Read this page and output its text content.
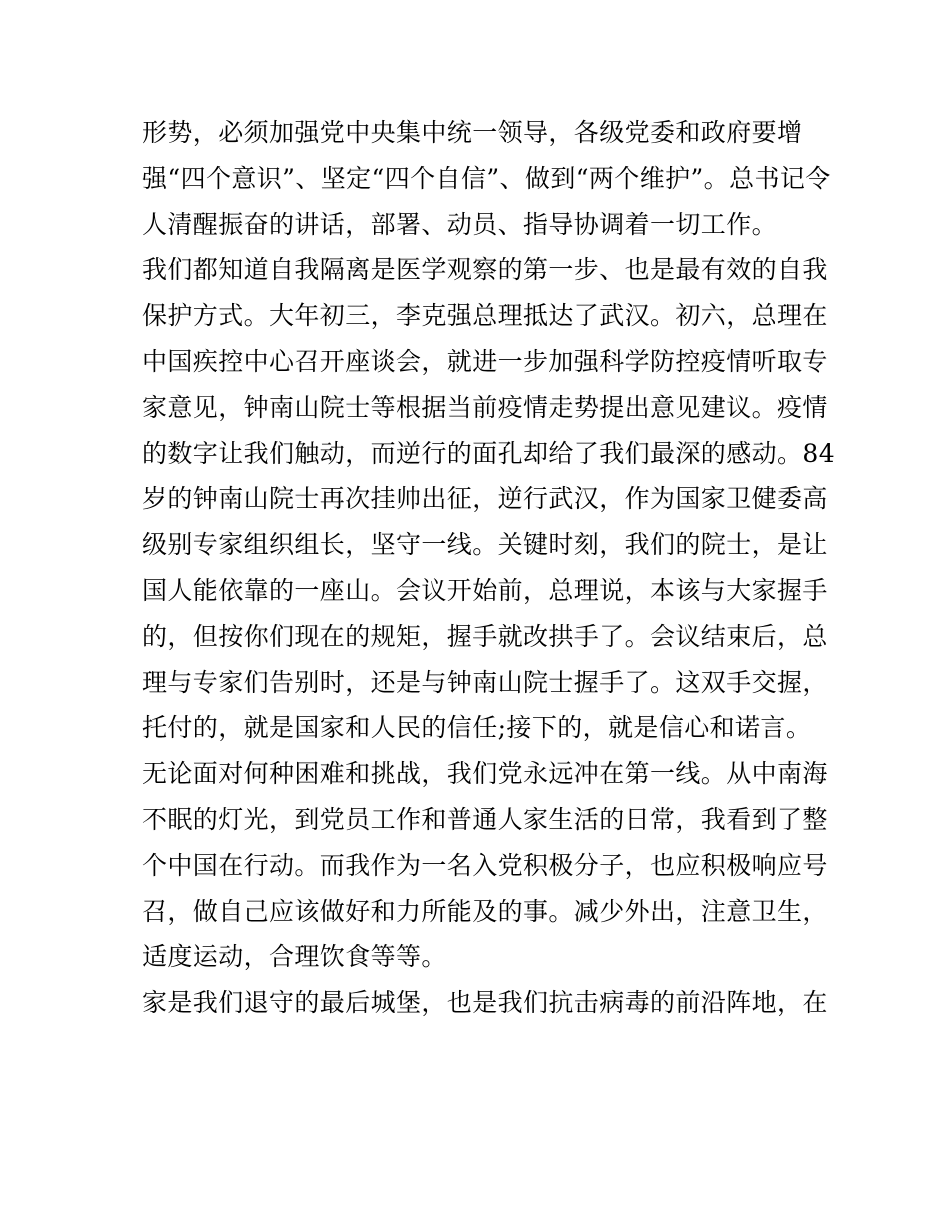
形势，必须加强党中央集中统一领导，各级党委和政府要增
强“四个意识”、坚定“四个自信”、做到“两个维护”。总书记令
人清醒振奋的讲话，部署、动员、指导协调着一切工作。
我们都知道自我隔离是医学观察的第一步、也是最有效的自我
保护方式。大年初三，李克强总理抵达了武汉。初六，总理在
中国疾控中心召开座谈会，就进一步加强科学防控疫情听取专
家意见，钟南山院士等根据当前疫情走势提出意见建议。疫情
的数字让我们触动，而逆行的面孔却给了我们最深的感动。84
岁的钟南山院士再次挂帅出征，逆行武汉，作为国家卫健委高
级别专家组织组长，坚守一线。关键时刻，我们的院士，是让
国人能依靠的一座山。会议开始前，总理说，本该与大家握手
的，但按你们现在的规矩，握手就改拱手了。会议结束后，总
理与专家们告别时，还是与钟南山院士握手了。这双手交握，
托付的，就是国家和人民的信任;接下的，就是信心和诺言。
无论面对何种困难和挑战，我们党永远冲在第一线。从中南海
不眠的灯光，到党员工作和普通人家生活的日常，我看到了整
个中国在行动。而我作为一名入党积极分子，也应积极响应号
召，做自己应该做好和力所能及的事。减少外出，注意卫生，
适度运动，合理饮食等等。
家是我们退守的最后城堡，也是我们抗击病毒的前沿阵地，在
